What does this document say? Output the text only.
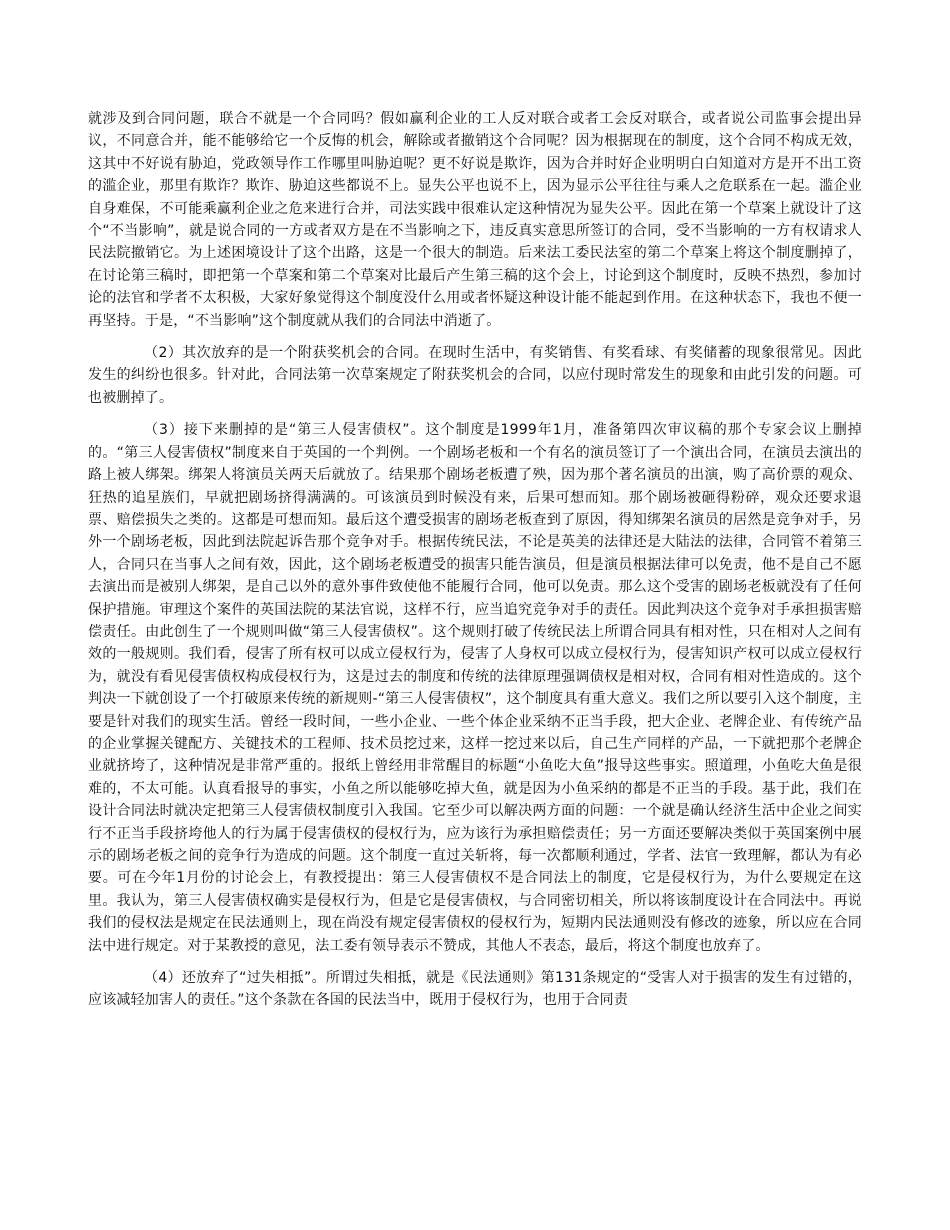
就涉及到合同问题，联合不就是一个合同吗？假如赢利企业的工人反对联合或者工会反对联合，或者说公司监事会提出异议，不同意合并，能不能够给它一个反悔的机会，解除或者撤销这个合同呢？因为根据现在的制度，这个合同不构成无效，这其中不好说有胁迫，党政领导作工作哪里叫胁迫呢？更不好说是欺诈，因为合并时好企业明明白白知道对方是开不出工资的滥企业，那里有欺诈？欺诈、胁迫这些都说不上。显失公平也说不上，因为显示公平往往与乘人之危联系在一起。滥企业自身难保，不可能乘赢利企业之危来进行合并，司法实践中很难认定这种情况为显失公平。因此在第一个草案上就设计了这个“不当影响”，就是说合同的一方或者双方是在不当影响之下，违反真实意思所签订的合同，受不当影响的一方有权请求人民法院撤销它。为上述困境设计了这个出路，这是一个很大的制造。后来法工委民法室的第二个草案上将这个制度删掉了，在讨论第三稿时，即把第一个草案和第二个草案对比最后产生第三稿的这个会上，讨论到这个制度时，反映不热烈，参加讨论的法官和学者不太积极，大家好象觉得这个制度没什么用或者怀疑这种设计能不能起到作用。在这种状态下，我也不便一再坚持。于是，“不当影响”这个制度就从我们的合同法中消逝了。

（2）其次放弃的是一个附获奖机会的合同。在现时生活中，有奖销售、有奖看球、有奖储蓄的现象很常见。因此发生的纠纷也很多。针对此，合同法第一次草案规定了附获奖机会的合同，以应付现时常发生的现象和由此引发的问题。可也被删掉了。

（3）接下来删掉的是“第三人侵害债权”。这个制度是1999年1月，准备第四次审议稿的那个专家会议上删掉的。“第三人侵害债权”制度来自于英国的一个判例。一个剧场老板和一个有名的演员签订了一个演出合同，在演员去演出的路上被人绑架。绑架人将演员关两天后就放了。结果那个剧场老板遭了殃，因为那个著名演员的出演，购了高价票的观众、狂热的追星族们，早就把剧场挤得满满的。可该演员到时候没有来，后果可想而知。那个剧场被砸得粉碎，观众还要求退票、赔偿损失之类的。这都是可想而知。最后这个遭受损害的剧场老板查到了原因，得知绑架名演员的居然是竞争对手，另外一个剧场老板，因此到法院起诉告那个竞争对手。根据传统民法，不论是英美的法律还是大陆法的法律，合同管不着第三人，合同只在当事人之间有效，因此，这个剧场老板遭受的损害只能告演员，但是演员根据法律可以免责，他不是自己不愿去演出而是被别人绑架，是自己以外的意外事件致使他不能履行合同，他可以免责。那么这个受害的剧场老板就没有了任何保护措施。审理这个案件的英国法院的某法官说，这样不行，应当追究竞争对手的责任。因此判决这个竞争对手承担损害赔偿责任。由此创生了一个规则叫做“第三人侵害债权”。这个规则打破了传统民法上所谓合同具有相对性，只在相对人之间有效的一般规则。我们看，侵害了所有权可以成立侵权行为，侵害了人身权可以成立侵权行为，侵害知识产权可以成立侵权行为，就没有看见侵害债权构成侵权行为，这是过去的制度和传统的法律原理强调债权是相对权，合同有相对性造成的。这个判决一下就创设了一个打破原来传统的新规则-“第三人侵害债权”，这个制度具有重大意义。我们之所以要引入这个制度，主要是针对我们的现实生活。曾经一段时间，一些小企业、一些个体企业采纳不正当手段，把大企业、老牌企业、有传统产品的企业掌握关键配方、关键技术的工程师、技术员挖过来，这样一挖过来以后，自己生产同样的产品，一下就把那个老牌企业就挤垮了，这种情况是非常严重的。报纸上曾经用非常醒目的标题“小鱼吃大鱼”报导这些事实。照道理，小鱼吃大鱼是很难的，不太可能。认真看报导的事实，小鱼之所以能够吃掉大鱼，就是因为小鱼采纳的都是不正当的手段。基于此，我们在设计合同法时就决定把第三人侵害债权制度引入我国。它至少可以解决两方面的问题：一个就是确认经济生活中企业之间实行不正当手段挤垮他人的行为属于侵害债权的侵权行为，应为该行为承担赔偿责任；另一方面还要解决类似于英国案例中展示的剧场老板之间的竞争行为造成的问题。这个制度一直过关斩将，每一次都顺利通过，学者、法官一致理解，都认为有必要。可在今年1月份的讨论会上，有教授提出：第三人侵害债权不是合同法上的制度，它是侵权行为，为什么要规定在这里。我认为，第三人侵害债权确实是侵权行为，但是它是侵害债权，与合同密切相关，所以将该制度设计在合同法中。再说我们的侵权法是规定在民法通则上，现在尚没有规定侵害债权的侵权行为，短期内民法通则没有修改的迹象，所以应在合同法中进行规定。对于某教授的意见，法工委有领导表示不赞成，其他人不表态，最后，将这个制度也放弃了。

（4）还放弃了“过失相抵”。所谓过失相抵，就是《民法通则》第131条规定的“受害人对于损害的发生有过错的，应该减轻加害人的责任。”这个条款在各国的民法当中，既用于侵权行为，也用于合同责
